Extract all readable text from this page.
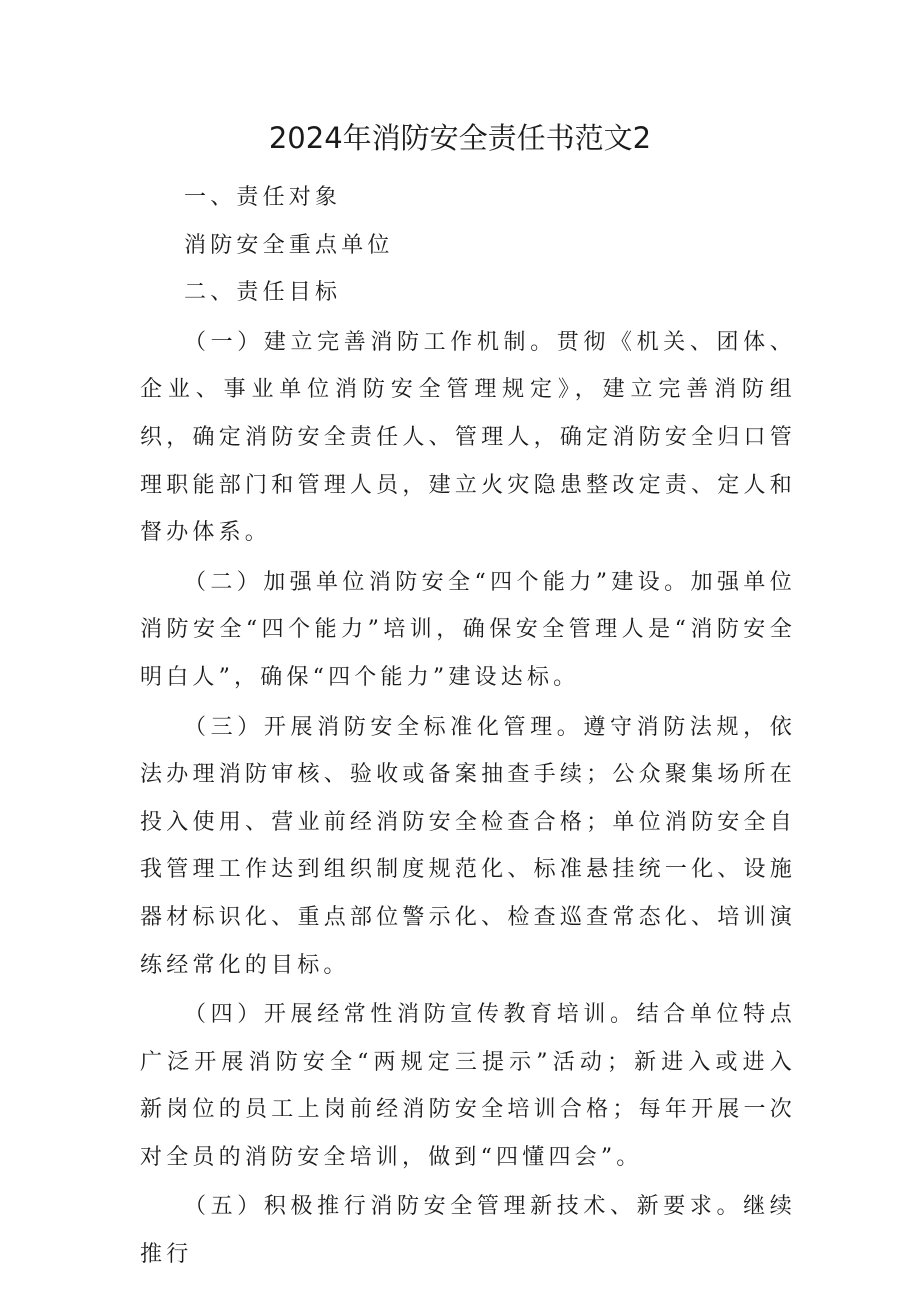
2024年消防安全责任书范文2

一、责任对象

消防安全重点单位

二、责任目标

（一）建立完善消防工作机制。贯彻《机关、团体、企业、事业单位消防安全管理规定》，建立完善消防组织，确定消防安全责任人、管理人，确定消防安全归口管理职能部门和管理人员，建立火灾隐患整改定责、定人和督办体系。

（二）加强单位消防安全“四个能力”建设。加强单位消防安全“四个能力”培训，确保安全管理人是“消防安全明白人”，确保“四个能力”建设达标。

（三）开展消防安全标准化管理。遵守消防法规，依法办理消防审核、验收或备案抽查手续；公众聚集场所在投入使用、营业前经消防安全检查合格；单位消防安全自我管理工作达到组织制度规范化、标准悬挂统一化、设施器材标识化、重点部位警示化、检查巡查常态化、培训演练经常化的目标。

（四）开展经常性消防宣传教育培训。结合单位特点广泛开展消防安全“两规定三提示”活动；新进入或进入新岗位的员工上岗前经消防安全培训合格；每年开展一次对全员的消防安全培训，做到“四懂四会”。

（五）积极推行消防安全管理新技术、新要求。继续推行
